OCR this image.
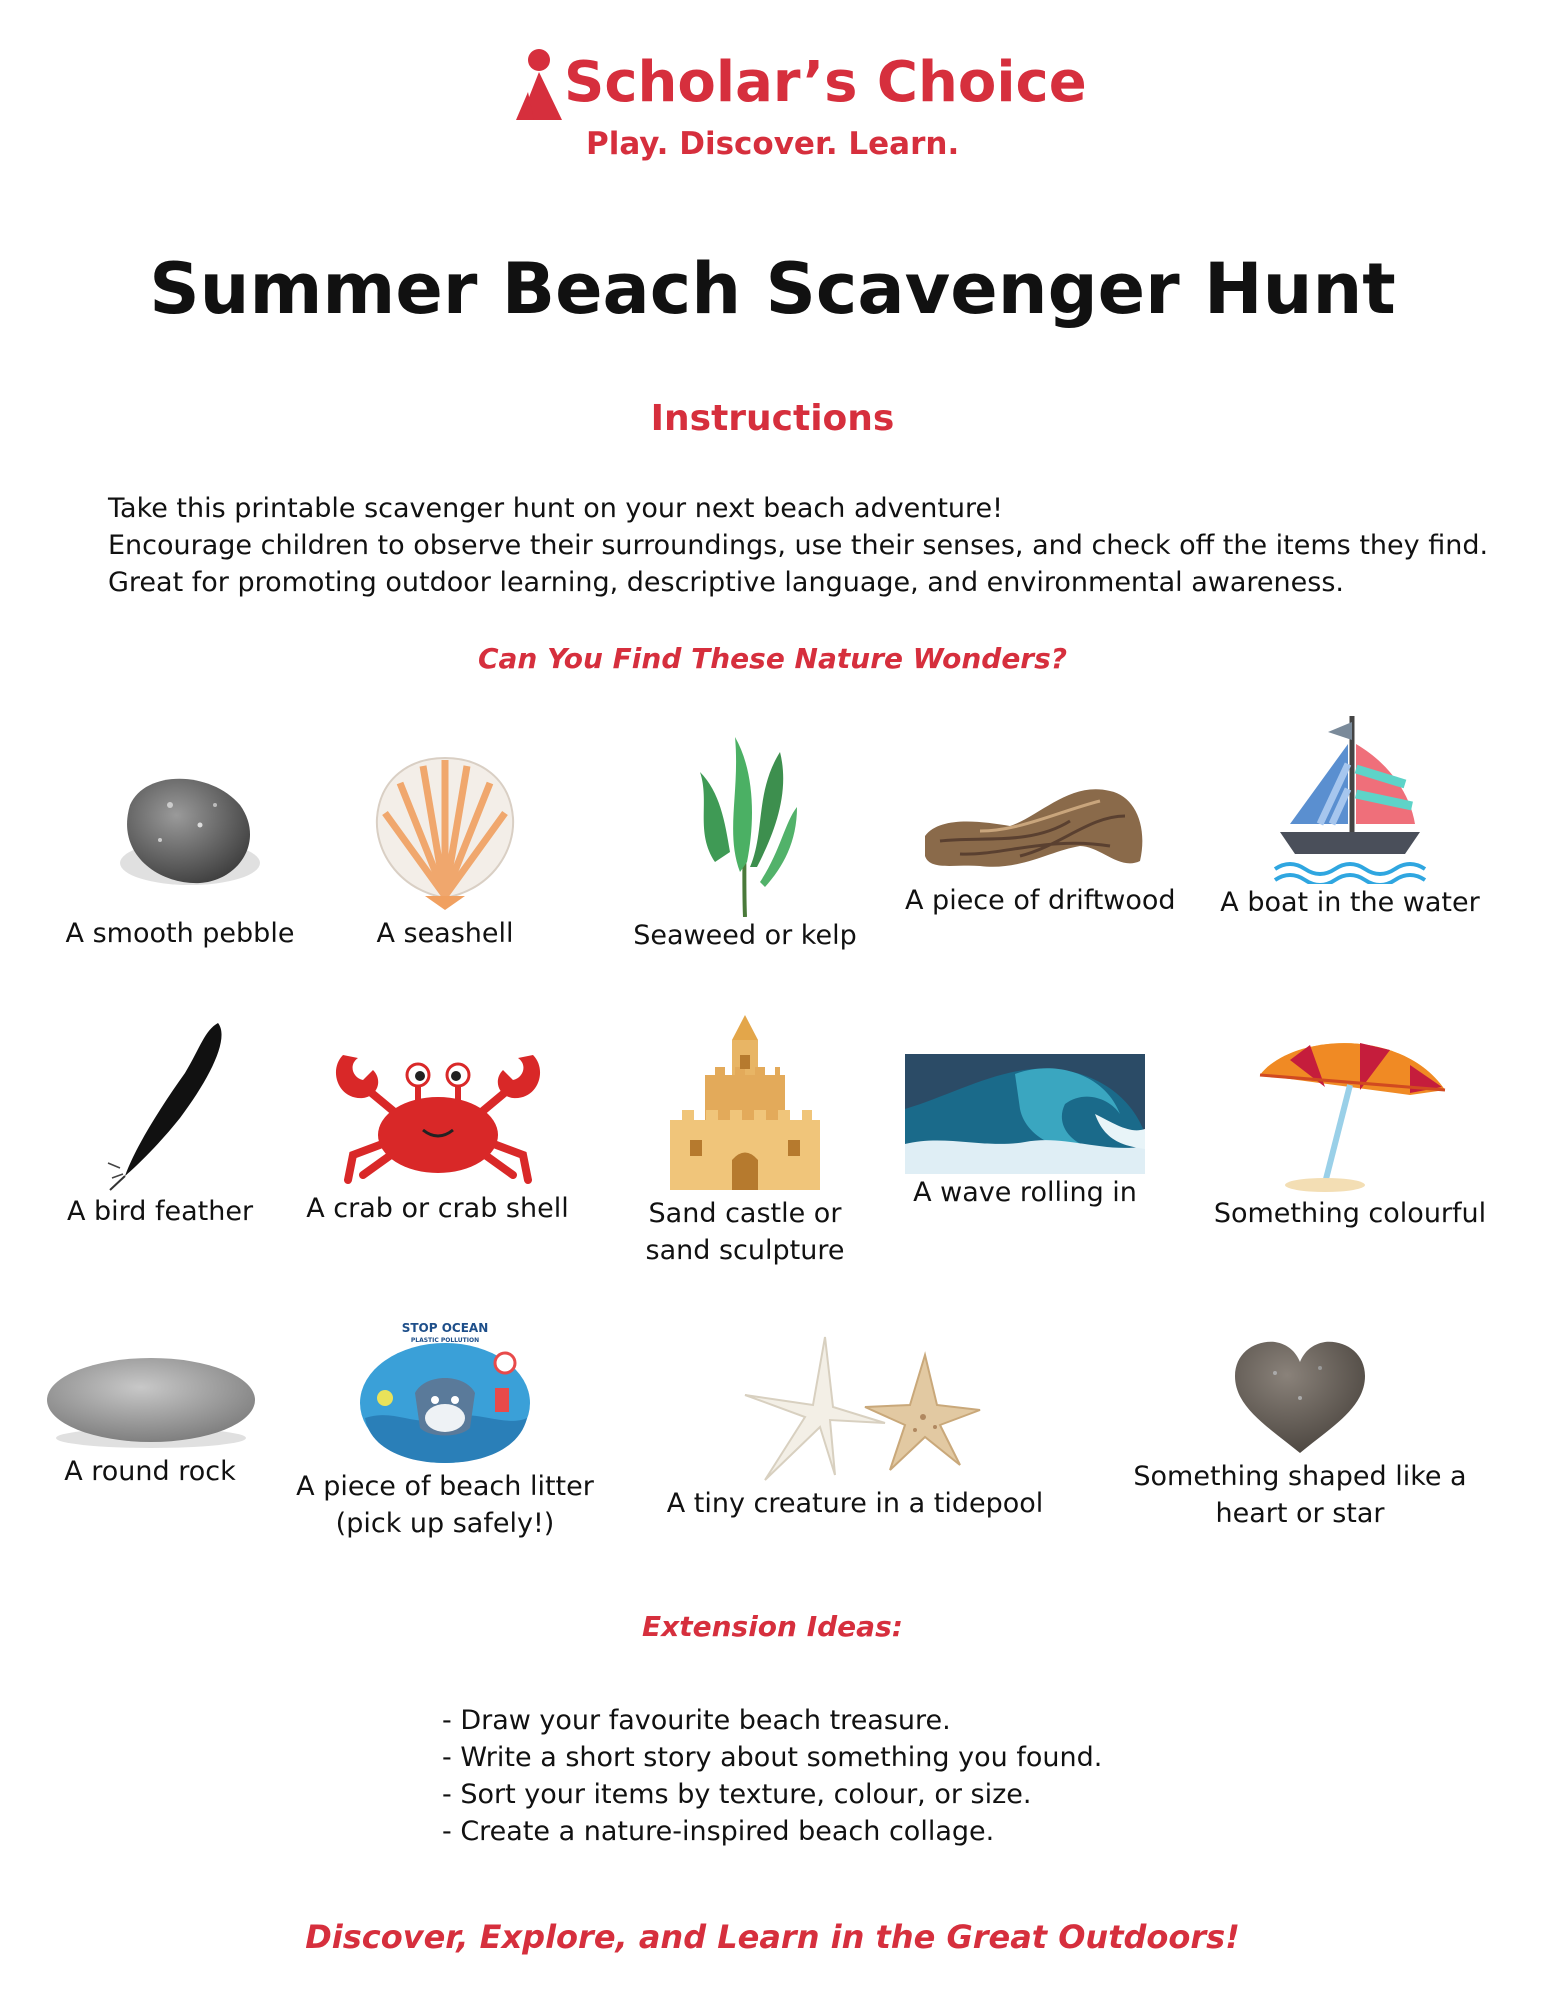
Scholar’s Choice
Play. Discover. Learn.
Summer Beach Scavenger Hunt
Instructions
Take this printable scavenger hunt on your next beach adventure!
Encourage children to observe their surroundings, use their senses, and check off the items they find.
Great for promoting outdoor learning, descriptive language, and environmental awareness.
Can You Find These Nature Wonders?
A smooth pebble	A seashell	Seaweed or kelp
A piece of driftwood A boat in the water
A bird feather	A crab or crab shell	Sand castle or
sand sculpture
A wave rolling in
Something colourful
A round rock
STOP OCEAN
PLASTIC POLLUTION
A piece of beach litter
(pick up safely!)
A tiny creature in a tidepool
Something shaped like a
heart or star
Extension Ideas:
- Draw your favourite beach treasure.
- Write a short story about something you found.
- Sort your items by texture, colour, or size.
- Create a nature-inspired beach collage.
Discover, Explore, and Learn in the Great Outdoors!
